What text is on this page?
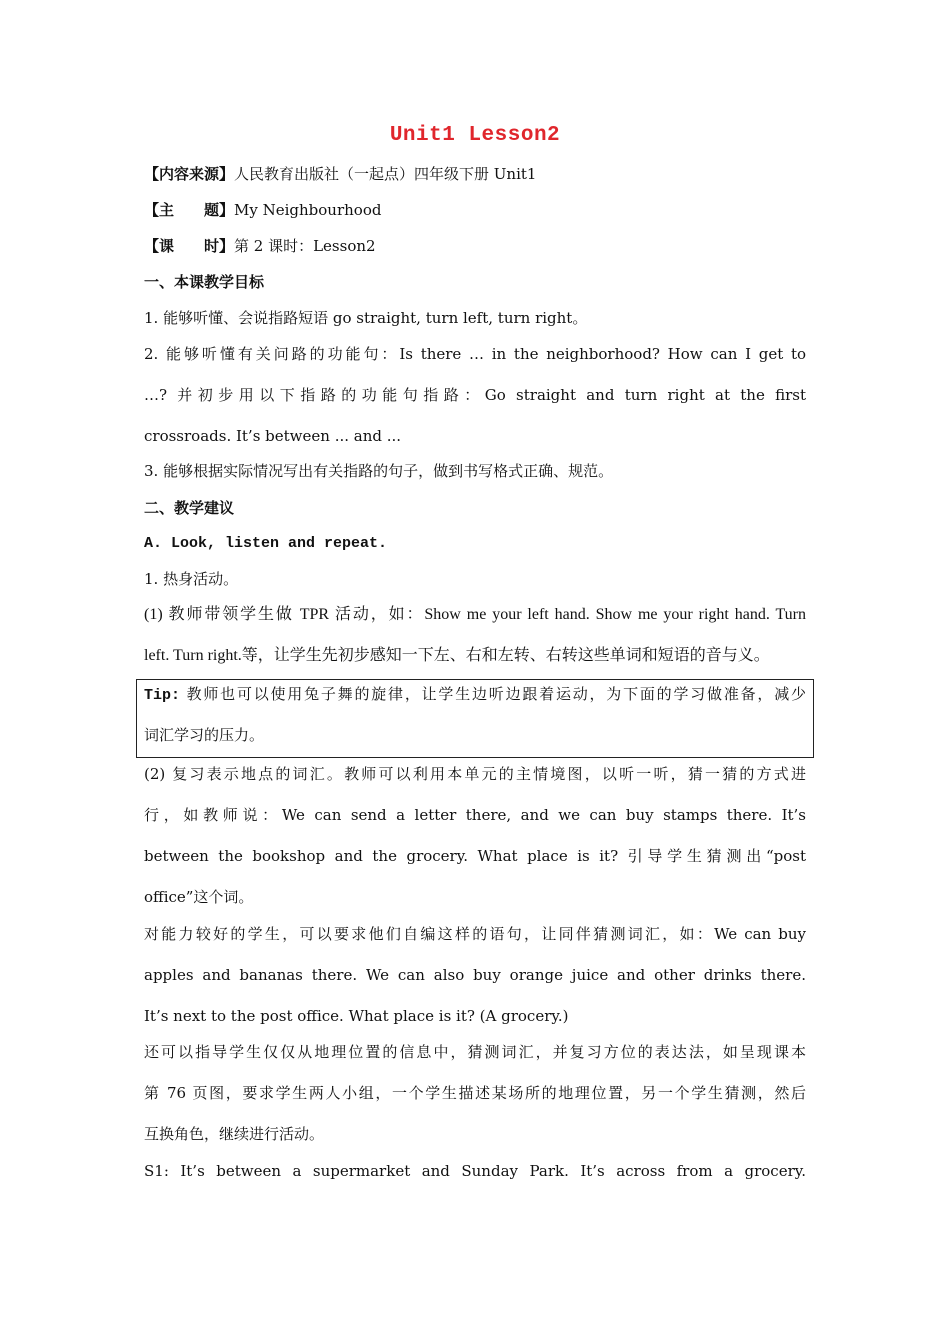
Unit1 Lesson2
【内容来源】人民教育出版社（一起点）四年级下册 Unit1
【主　　题】My Neighbourhood
【课　　时】第 2 课时：Lesson2
一、本课教学目标
1. 能够听懂、会说指路短语 go straight, turn left, turn right。
2. 能够听懂有关问路的功能句：Is there … in the neighborhood? How can I get to
…? 并初步用以下指路的功能句指路：Go straight and turn right at the first
crossroads. It’s between ... and ...
3. 能够根据实际情况写出有关指路的句子，做到书写格式正确、规范。
二、教学建议
A. Look, listen and repeat.
1. 热身活动。
(1) 教师带领学生做 TPR 活动，如：Show me your left hand. Show me your right hand. Turn
left. Turn right.等，让学生先初步感知一下左、右和左转、右转这些单词和短语的音与义。
Tip: 教师也可以使用兔子舞的旋律，让学生边听边跟着运动，为下面的学习做准备，减少
词汇学习的压力。
(2) 复习表示地点的词汇。教师可以利用本单元的主情境图，以听一听，猜一猜的方式进
行，如教师说：We can send a letter there, and we can buy stamps there. It’s
between the bookshop and the grocery. What place is it? 引导学生猜测出“post
office”这个词。
对能力较好的学生，可以要求他们自编这样的语句，让同伴猜测词汇，如：We can buy
apples and bananas there. We can also buy orange juice and other drinks there.
It’s next to the post office. What place is it? (A grocery.)
还可以指导学生仅仅从地理位置的信息中，猜测词汇，并复习方位的表达法，如呈现课本
第 76 页图，要求学生两人小组，一个学生描述某场所的地理位置，另一个学生猜测，然后
互换角色，继续进行活动。
S1: It’s between a supermarket and Sunday Park. It’s across from a grocery.
